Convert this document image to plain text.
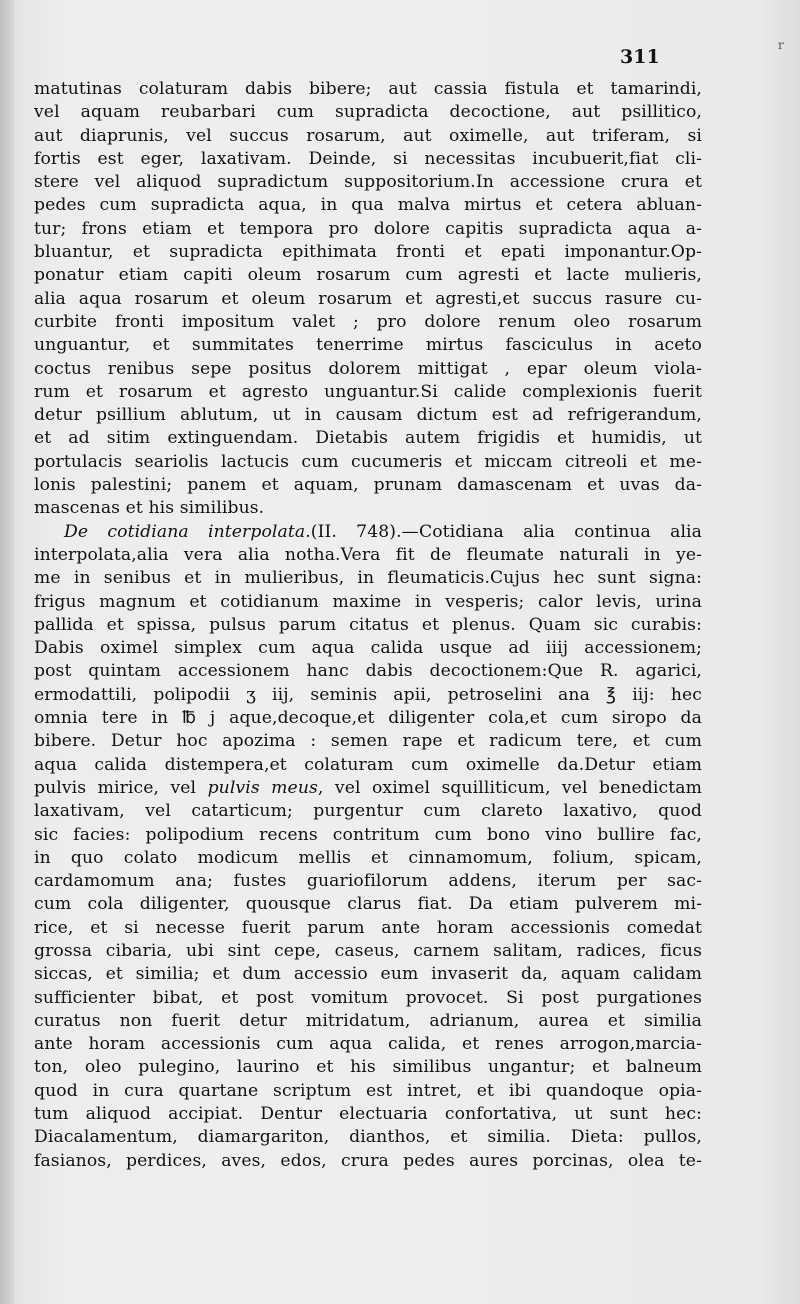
r
311
matutinas colaturam dabis bibere; aut cassia fistula et tamarindi,
vel aquam reubarbari cum supradicta decoctione, aut psillitico,
aut diaprunis, vel succus rosarum, aut oximelle, aut triferam, si
fortis est eger, laxativam. Deinde, si necessitas incubuerit,fiat cli-
stere vel aliquod supradictum suppositorium.In accessione crura et
pedes cum supradicta aqua, in qua malva mirtus et cetera abluan-
tur; frons etiam et tempora pro dolore capitis supradicta aqua a-
bluantur, et supradicta epithimata fronti et epati imponantur.Op-
ponatur etiam capiti oleum rosarum cum agresti et lacte mulieris,
alia aqua rosarum et oleum rosarum et agresti,et succus rasure cu-
curbite fronti impositum valet ; pro dolore renum oleo rosarum
unguantur, et summitates tenerrime mirtus fasciculus in aceto
coctus renibus sepe positus dolorem mittigat , epar oleum viola-
rum et rosarum et agresto unguantur.Si calide complexionis fuerit
detur psillium ablutum, ut in causam dictum est ad refrigerandum,
et ad sitim extinguendam. Dietabis autem frigidis et humidis, ut
portulacis seariolis lactucis cum cucumeris et miccam citreoli et me-
lonis palestini; panem et aquam, prunam damascenam et uvas da-
mascenas et his similibus.
De cotidiana interpolata.(II. 748).—Cotidiana alia continua alia
interpolata,alia vera alia notha.Vera fit de fleumate naturali in ye-
me in senibus et in mulieribus, in fleumaticis.Cujus hec sunt signa:
frigus magnum et cotidianum maxime in vesperis; calor levis, urina
pallida et spissa, pulsus parum citatus et plenus. Quam sic curabis:
Dabis oximel simplex cum aqua calida usque ad iiij accessionem;
post quintam accessionem hanc dabis decoctionem:Que R. agarici,
ermodattili, polipodii ʒ iij, seminis apii, petroselini ana ℥ iij: hec
omnia tere in ℔ j aque,decoque,et diligenter cola,et cum siropo da
bibere. Detur hoc apozima : semen rape et radicum tere, et cum
aqua calida distempera,et colaturam cum oximelle da.Detur etiam
pulvis mirice, vel pulvis meus, vel oximel squilliticum, vel benedictam
laxativam, vel catarticum; purgentur cum clareto laxativo, quod
sic facies: polipodium recens contritum cum bono vino bullire fac,
in quo colato modicum mellis et cinnamomum, folium, spicam,
cardamomum ana; fustes guariofilorum addens, iterum per sac-
cum cola diligenter, quousque clarus fiat. Da etiam pulverem mi-
rice, et si necesse fuerit parum ante horam accessionis comedat
grossa cibaria, ubi sint cepe, caseus, carnem salitam, radices, ficus
siccas, et similia; et dum accessio eum invaserit da, aquam calidam
sufficienter bibat, et post vomitum provocet. Si post purgationes
curatus non fuerit detur mitridatum, adrianum, aurea et similia
ante horam accessionis cum aqua calida, et renes arrogon,marcia-
ton, oleo pulegino, laurino et his similibus ungantur; et balneum
quod in cura quartane scriptum est intret, et ibi quandoque opia-
tum aliquod accipiat. Dentur electuaria confortativa, ut sunt hec:
Diacalamentum, diamargariton, dianthos, et similia. Dieta: pullos,
fasianos, perdices, aves, edos, crura pedes aures porcinas, olea te-
